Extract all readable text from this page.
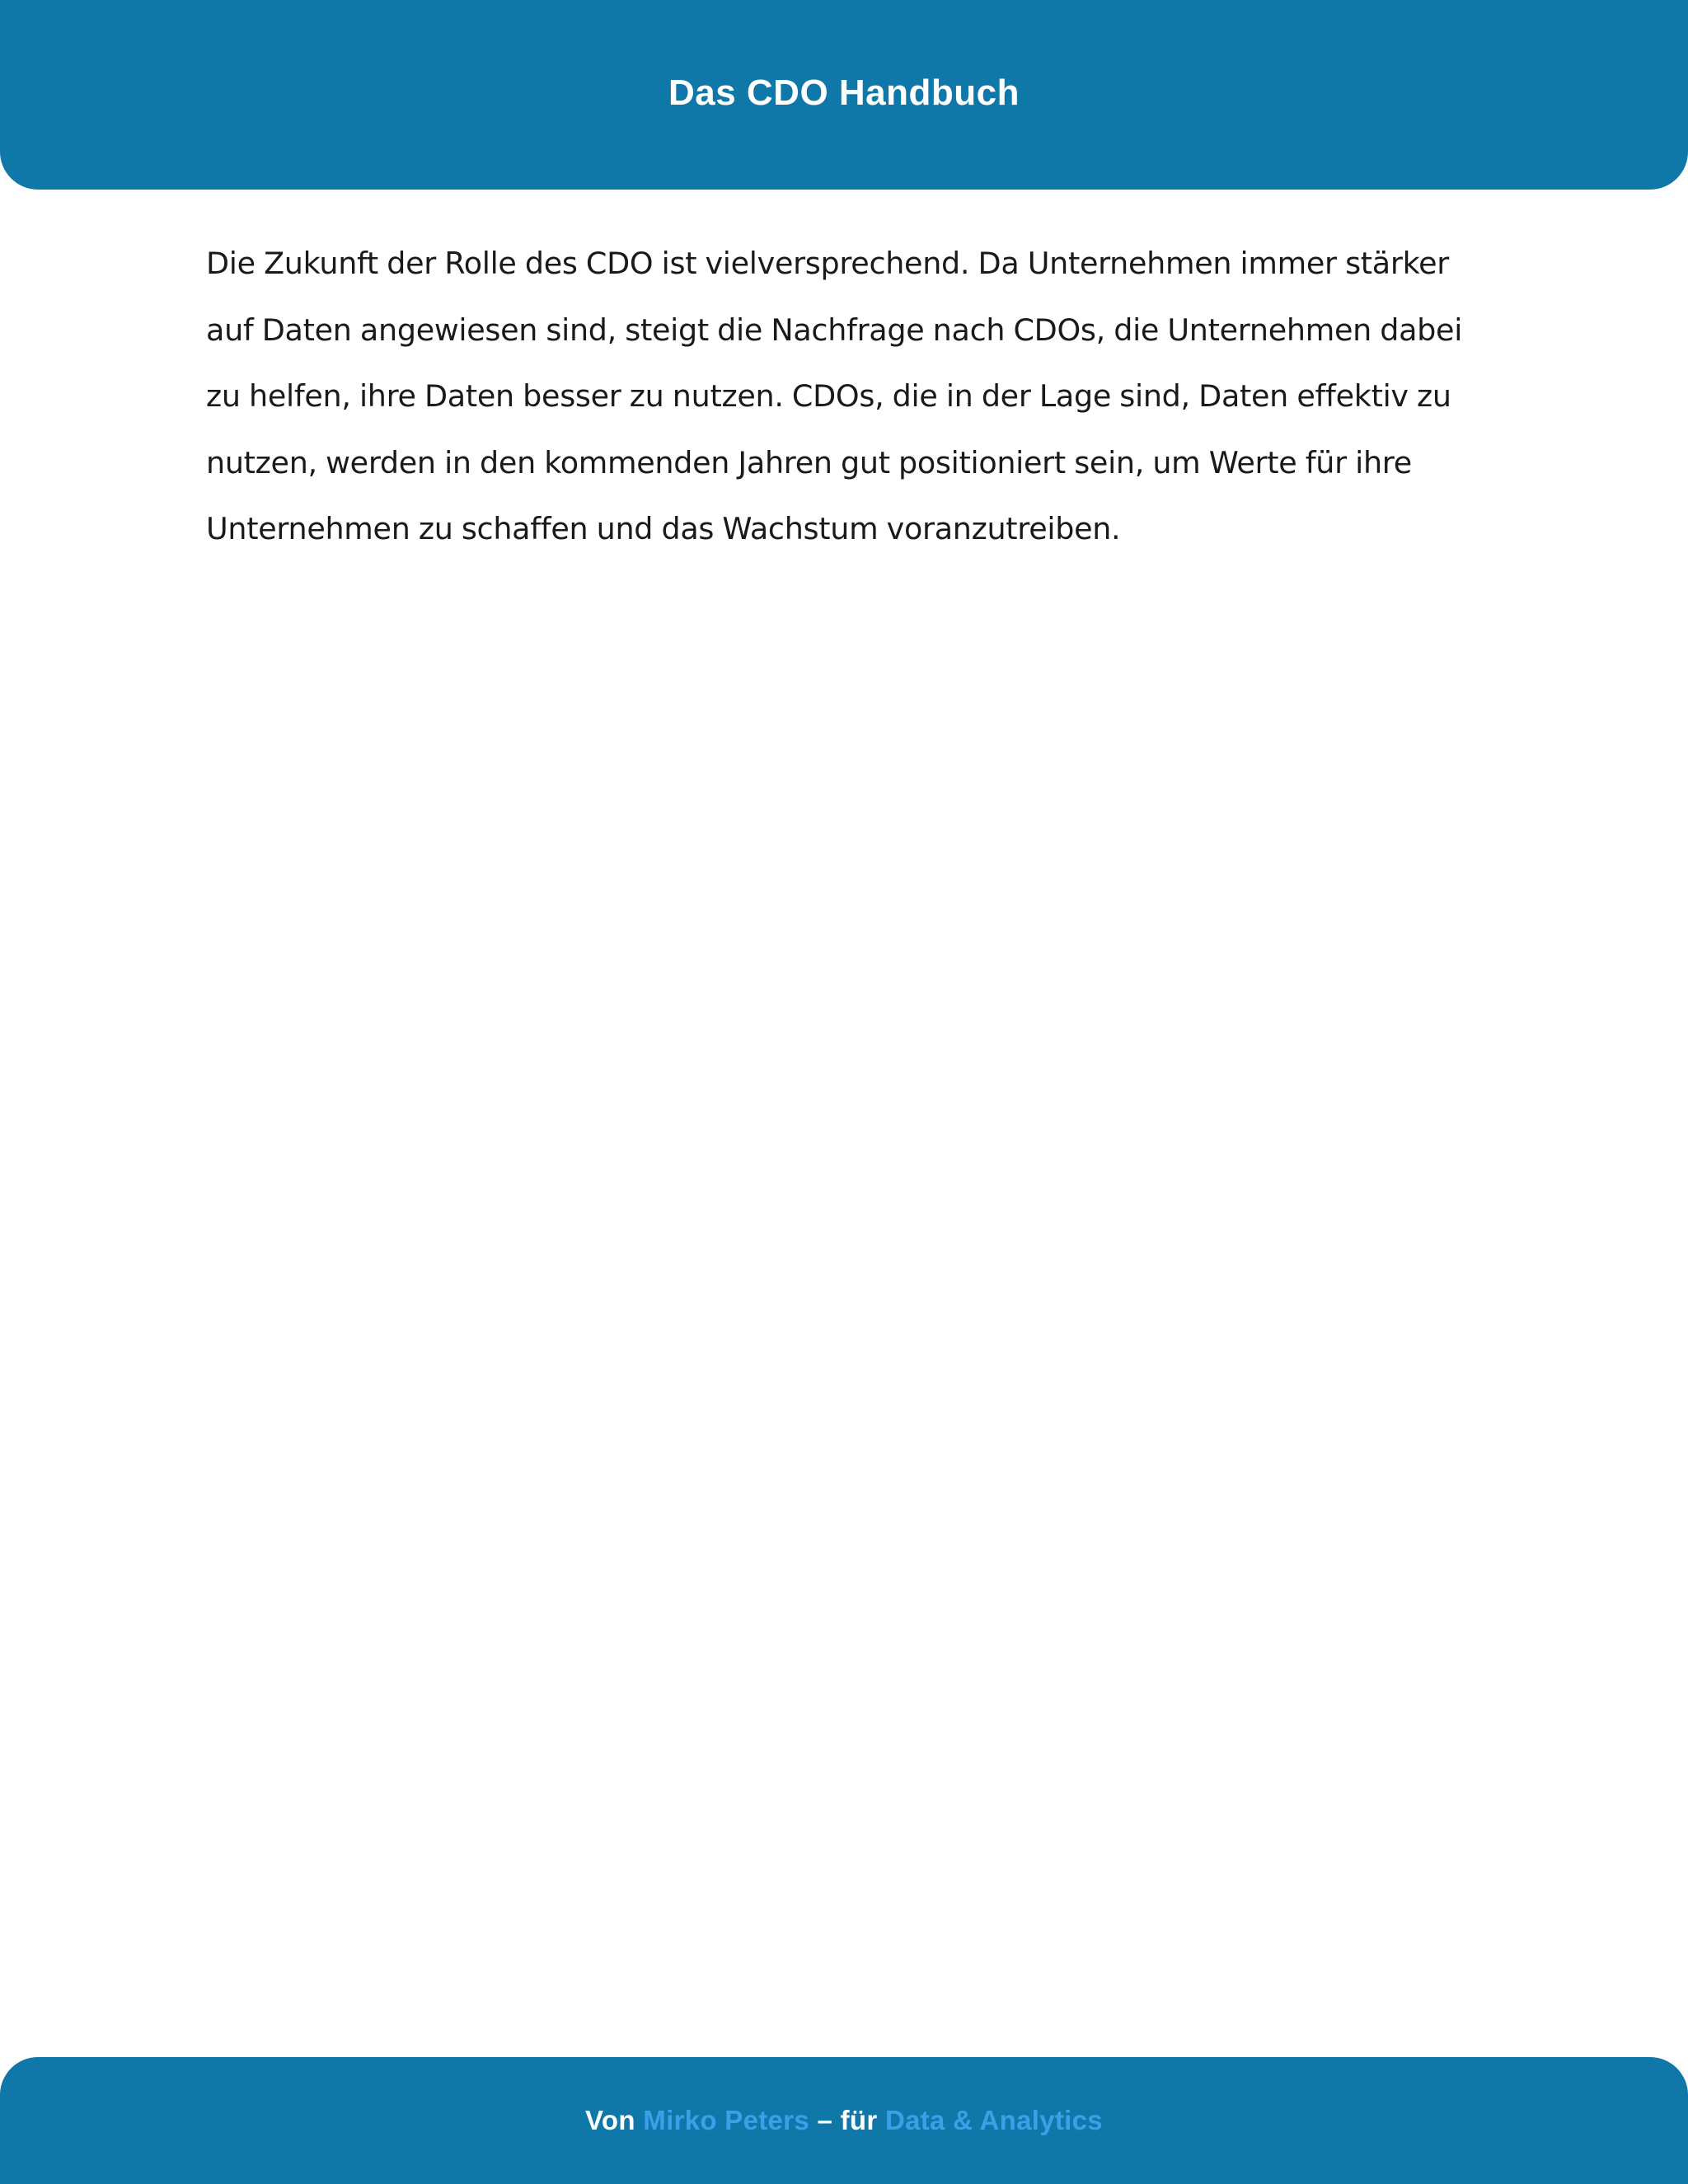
Das CDO Handbuch

Die Zukunft der Rolle des CDO ist vielversprechend. Da Unternehmen immer stärker auf Daten angewiesen sind, steigt die Nachfrage nach CDOs, die Unternehmen dabei zu helfen, ihre Daten besser zu nutzen. CDOs, die in der Lage sind, Daten effektiv zu nutzen, werden in den kommenden Jahren gut positioniert sein, um Werte für ihre Unternehmen zu schaffen und das Wachstum voranzutreiben.

Von Mirko Peters – für Data & Analytics
